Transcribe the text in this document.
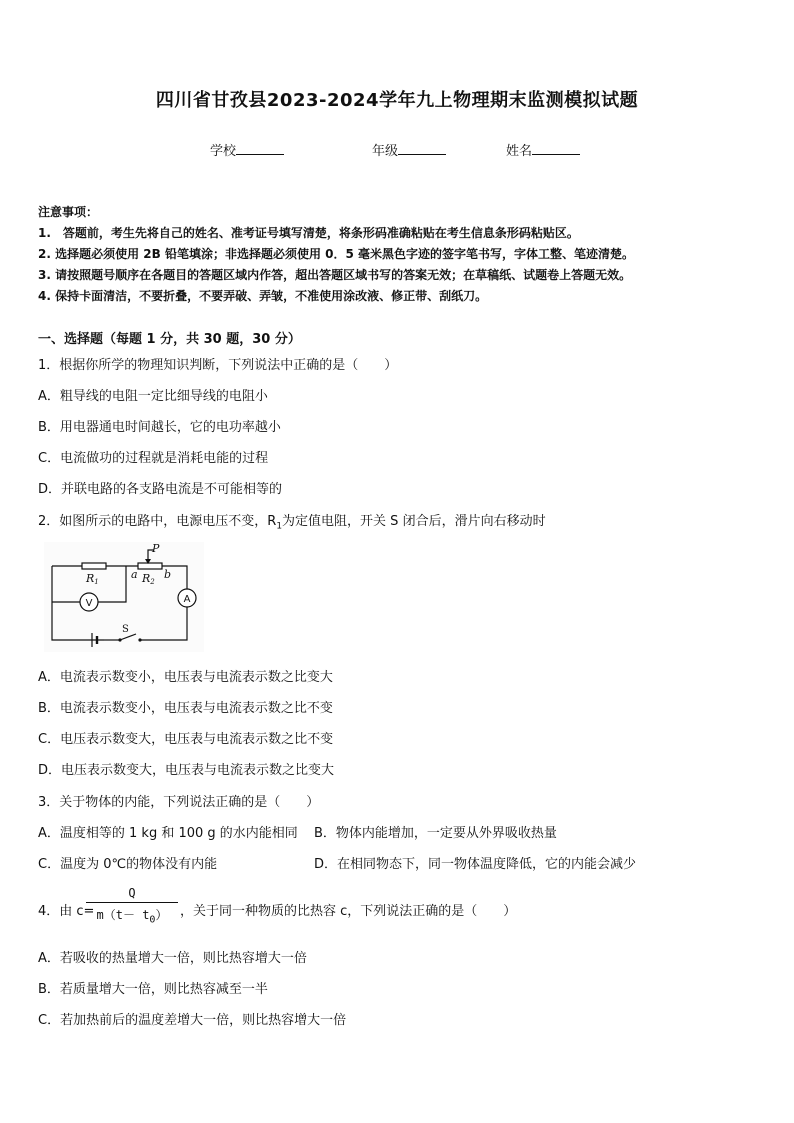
四川省甘孜县2023-2024学年九上物理期末监测模拟试题
学校	年级	姓名
注意事项：
1.　答题前，考生先将自己的姓名、准考证号填写清楚，将条形码准确粘贴在考生信息条形码粘贴区。
2. 选择题必须使用 2B 铅笔填涂；非选择题必须使用 0．5 毫米黑色字迹的签字笔书写，字体工整、笔迹清楚。
3. 请按照题号顺序在各题目的答题区域内作答，超出答题区域书写的答案无效；在草稿纸、试题卷上答题无效。
4. 保持卡面清洁，不要折叠，不要弄破、弄皱，不准使用涂改液、修正带、刮纸刀。
一、选择题（每题 1 分，共 30 题，30 分）
1．根据你所学的物理知识判断，下列说法中正确的是（　　）
A．粗导线的电阻一定比细导线的电阻小
B．用电器通电时间越长，它的电功率越小
C．电流做功的过程就是消耗电能的过程
D．并联电路的各支路电流是不可能相等的
2．如图所示的电路中，电源电压不变，$R_1$为定值电阻，开关 S 闭合后，滑片向右移动时
R1	R2
P
a b
S
V	A
A．电流表示数变小，电压表与电流表示数之比变大
B．电流表示数变小，电压表与电流表示数之比不变
C．电压表示数变大，电压表与电流表示数之比不变
D．电压表示数变大，电压表与电流表示数之比变大
3．关于物体的内能，下列说法正确的是（　　）
A．温度相等的 1 kg 和 100 g 的水内能相同 B．物体内能增加，一定要从外界吸收热量
C．温度为 0℃的物体没有内能	D．在相同物态下，同一物体温度降低，它的内能会减少
4．由 c=
Q
$m(t- t_0)$ ，关于同一种物质的比热容 c，下列说法正确的是（　　）
A．若吸收的热量增大一倍，则比热容增大一倍
B．若质量增大一倍，则比热容减至一半
C．若加热前后的温度差增大一倍，则比热容增大一倍
